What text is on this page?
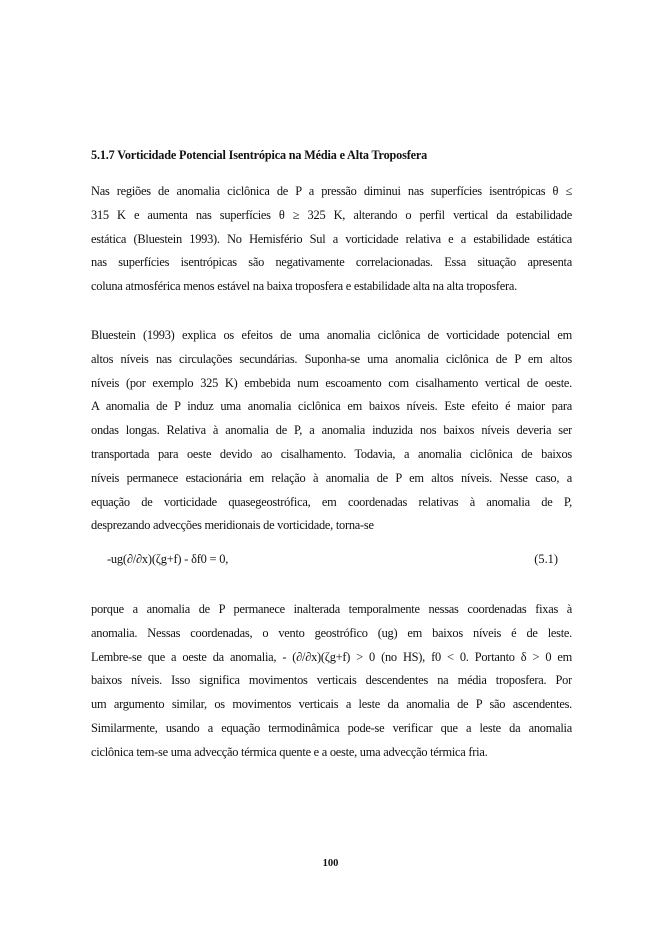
5.1.7 Vorticidade Potencial Isentrópica na Média e Alta Troposfera
Nas regiões de anomalia ciclônica de P a pressão diminui nas superfícies isentrópicas θ ≤
315 K e aumenta nas superfícies θ ≥ 325 K, alterando o perfil vertical da estabilidade
estática (Bluestein 1993). No Hemisfério Sul a vorticidade relativa e a estabilidade estática
nas superfícies isentrópicas são negativamente correlacionadas. Essa situação apresenta
coluna atmosférica menos estável na baixa troposfera e estabilidade alta na alta troposfera.
Bluestein (1993) explica os efeitos de uma anomalia ciclônica de vorticidade potencial em
altos níveis nas circulações secundárias. Suponha-se uma anomalia ciclônica de P em altos
níveis (por exemplo 325 K) embebida num escoamento com cisalhamento vertical de oeste.
A anomalia de P induz uma anomalia ciclônica em baixos níveis. Este efeito é maior para
ondas longas. Relativa à anomalia de P, a anomalia induzida nos baixos níveis deveria ser
transportada para oeste devido ao cisalhamento. Todavia, a anomalia ciclônica de baixos
níveis permanece estacionária em relação à anomalia de P em altos níveis. Nesse caso, a
equação de vorticidade quasegeostrófica, em coordenadas relativas à anomalia de P,
desprezando advecções meridionais de vorticidade, torna-se
-ug(∂/∂x)(ζg+f) - δf0 = 0,	(5.1)
porque a anomalia de P permanece inalterada temporalmente nessas coordenadas fixas à
anomalia. Nessas coordenadas, o vento geostrófico (ug) em baixos níveis é de leste.
Lembre-se que a oeste da anomalia, - (∂/∂x)(ζg+f) > 0 (no HS), f0 < 0. Portanto δ > 0 em
baixos níveis. Isso significa movimentos verticais descendentes na média troposfera. Por
um argumento similar, os movimentos verticais a leste da anomalia de P são ascendentes.
Similarmente, usando a equação termodinâmica pode-se verificar que a leste da anomalia
ciclônica tem-se uma advecção térmica quente e a oeste, uma advecção térmica fria.
100
